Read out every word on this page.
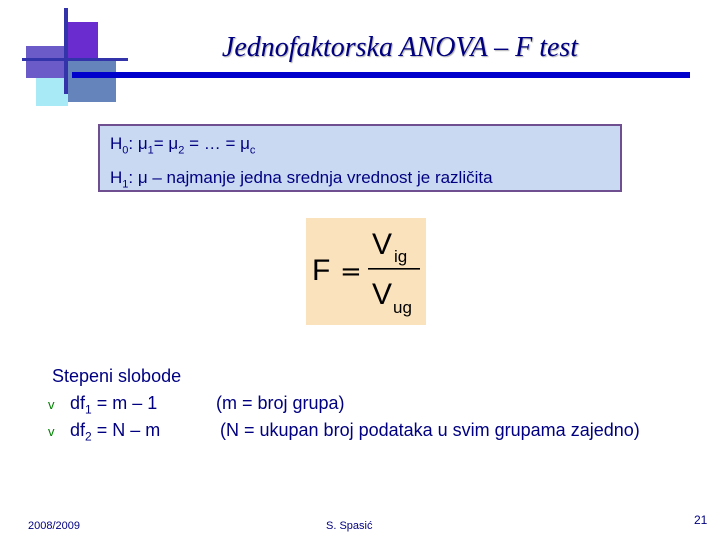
Jednofaktorska ANOVA – F test
$H_0$: $\mu_1= \mu_2$ = … = $\mu_c$
$H_1$: μ – najmanje jedna srednja vrednost je različita
F =
V ig
V ug
Stepeni slobode
v $df_1 = m - 1$	(m = broj grupa)
v $df_2 = N - m$	(N = ukupan broj podataka u svim grupama zajedno)
2008/2009	S. Spasić	21
